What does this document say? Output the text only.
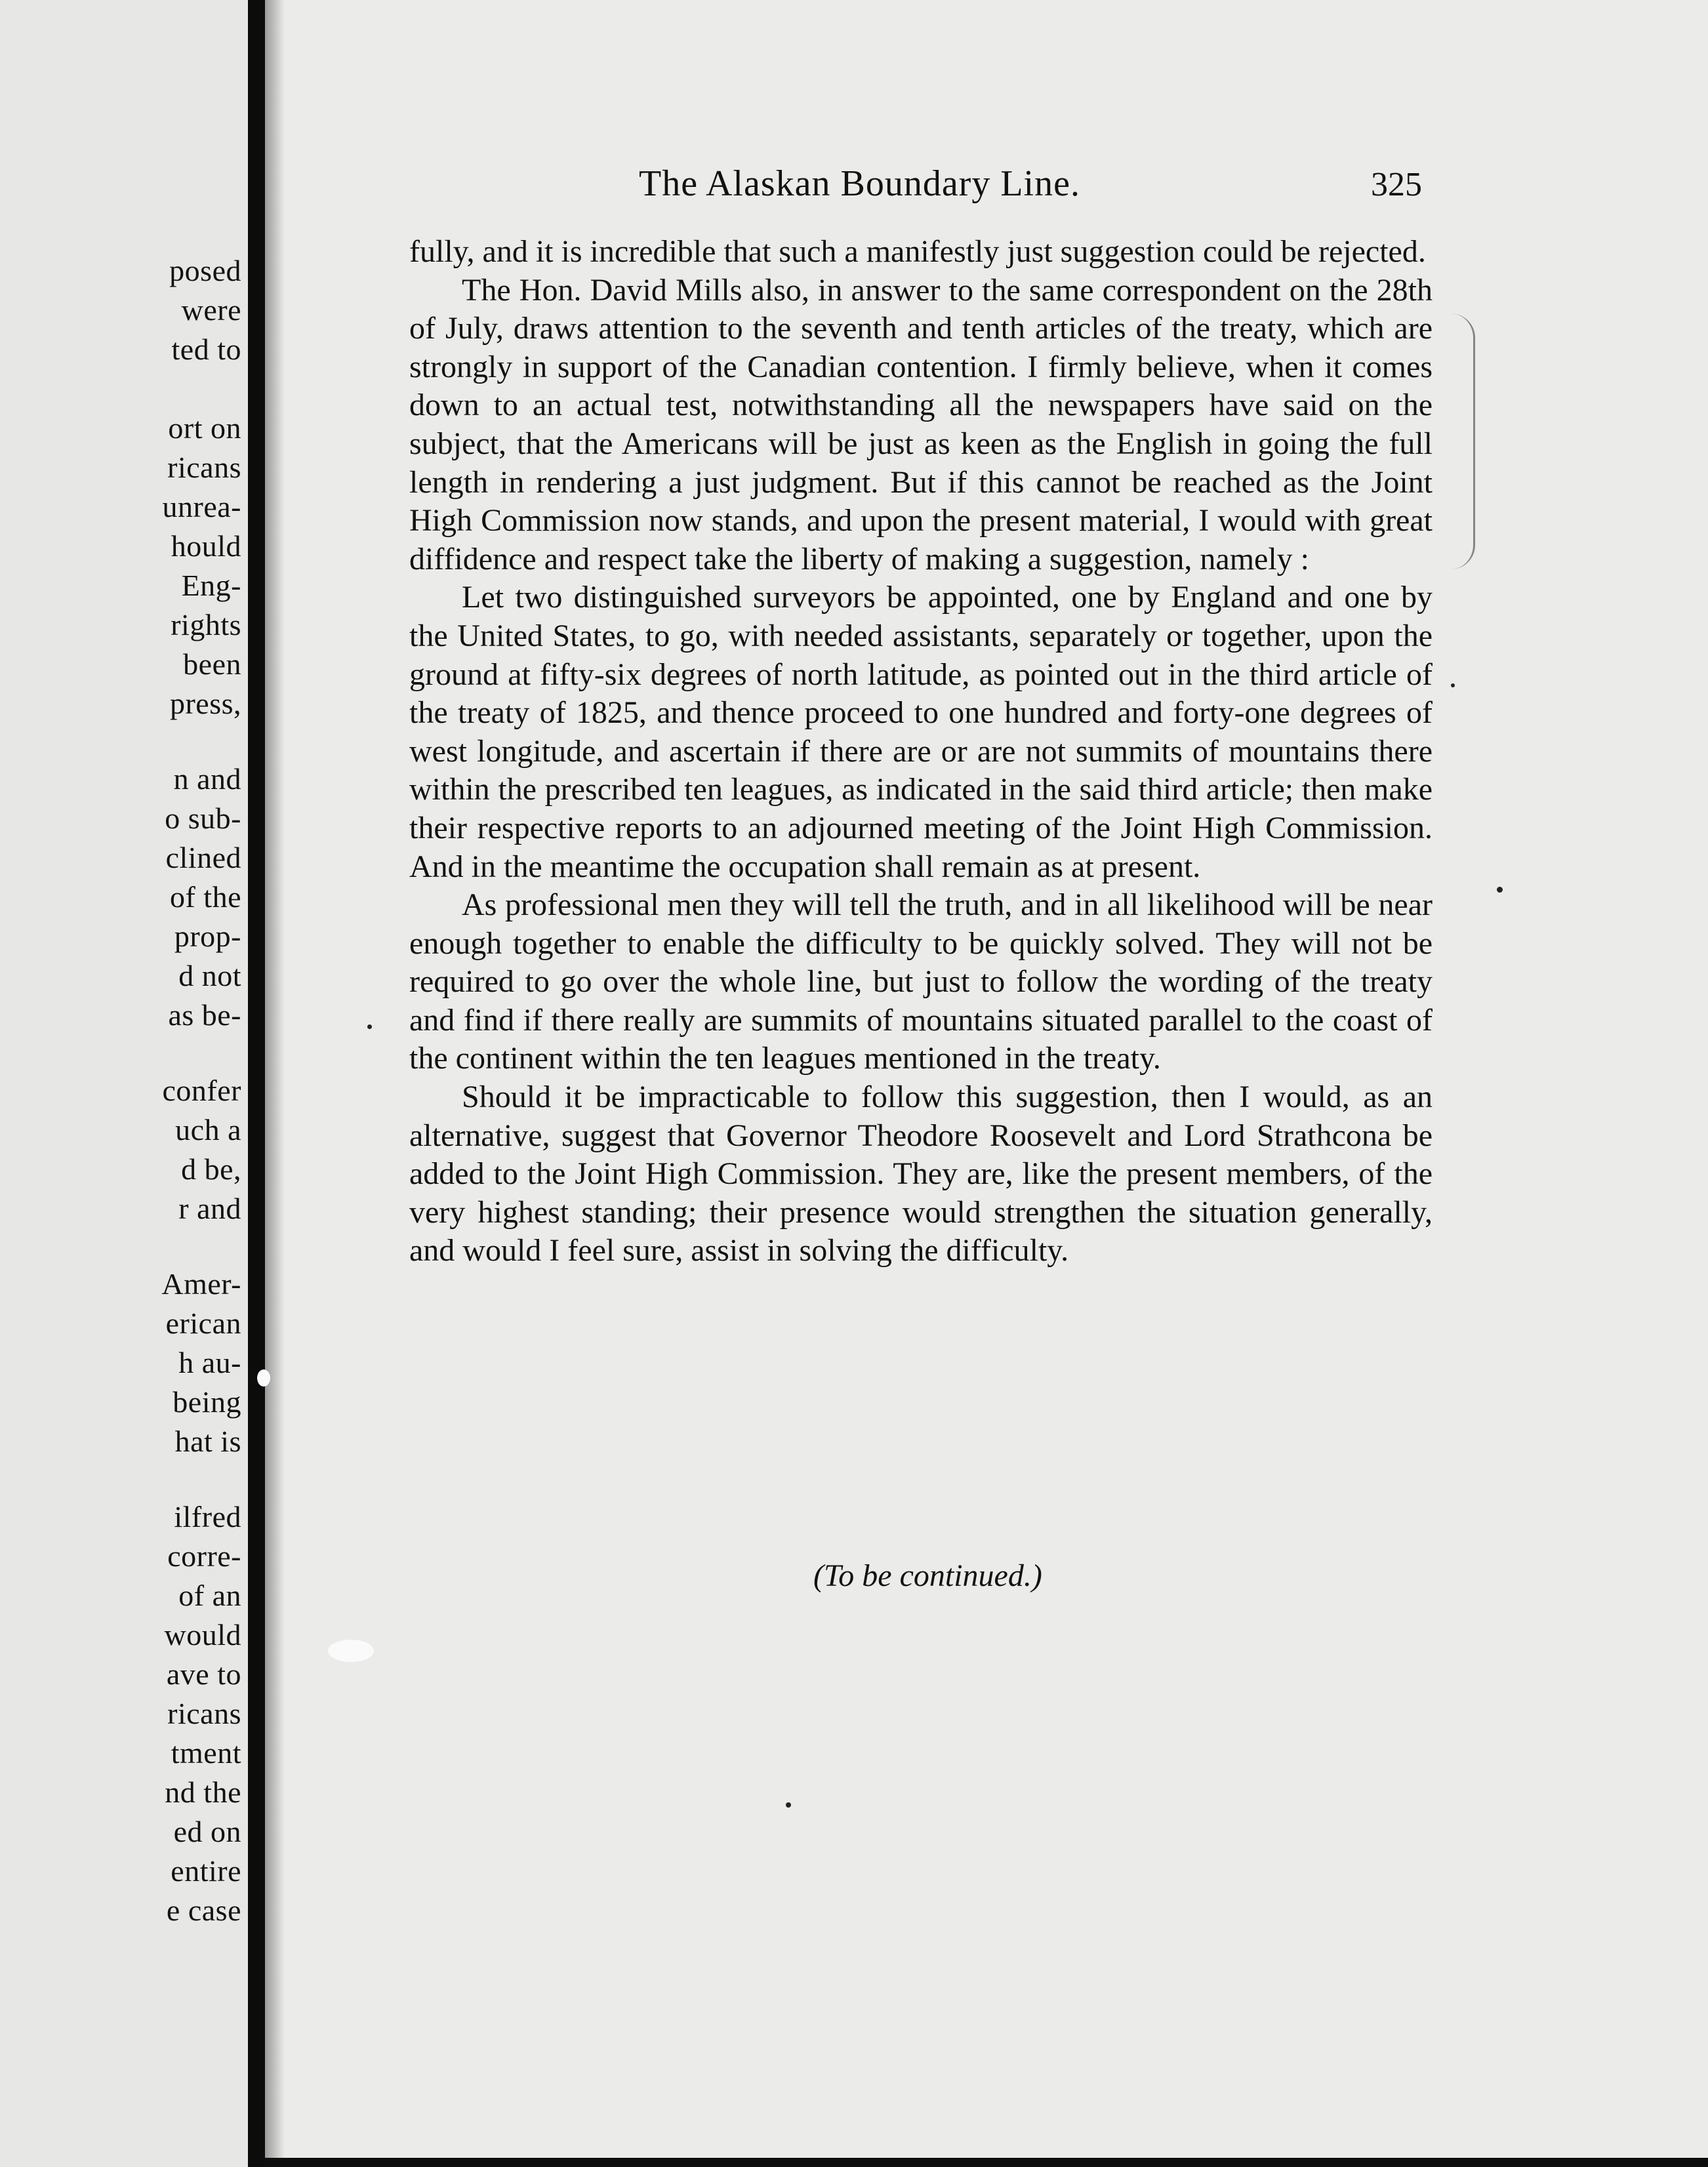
posed
were
ted to
ort on
ricans
unrea-
hould
Eng-
rights
been
press,
n and
o sub-
clined
of the
prop-
d not
as be-
confer
uch a
d be,
r and
Amer-
erican
h au-
being
hat is
ilfred
corre-
of an
would
ave to
ricans
tment
nd the
ed on
entire
e case
The Alaskan Boundary Line.	325

fully, and it is incredible that such a manifestly just suggestion could be rejected.

The Hon. David Mills also, in answer to the same correspondent on the 28th of July, draws attention to the seventh and tenth articles of the treaty, which are strongly in support of the Canadian contention. I firmly believe, when it comes down to an actual test, notwithstanding all the newspapers have said on the subject, that the Americans will be just as keen as the English in going the full length in rendering a just judgment. But if this cannot be reached as the Joint High Commission now stands, and upon the present material, I would with great diffidence and respect take the liberty of making a suggestion, namely :

Let two distinguished surveyors be appointed, one by England and one by the United States, to go, with needed assistants, separately or together, upon the ground at fifty-six degrees of north latitude, as pointed out in the third article of the treaty of 1825, and thence proceed to one hundred and forty-one degrees of west longitude, and ascertain if there are or are not summits of mountains there within the prescribed ten leagues, as indicated in the said third article; then make their respective reports to an adjourned meeting of the Joint High Commission. And in the meantime the occupation shall remain as at present.

As professional men they will tell the truth, and in all likelihood will be near enough together to enable the difficulty to be quickly solved. They will not be required to go over the whole line, but just to follow the wording of the treaty and find if there really are summits of mountains situated parallel to the coast of the continent within the ten leagues mentioned in the treaty.

Should it be impracticable to follow this suggestion, then I would, as an alternative, suggest that Governor Theodore Roosevelt and Lord Strathcona be added to the Joint High Commission. They are, like the present members, of the very highest standing; their presence would strengthen the situation generally, and would I feel sure, assist in solving the difficulty.

(To be continued.)
